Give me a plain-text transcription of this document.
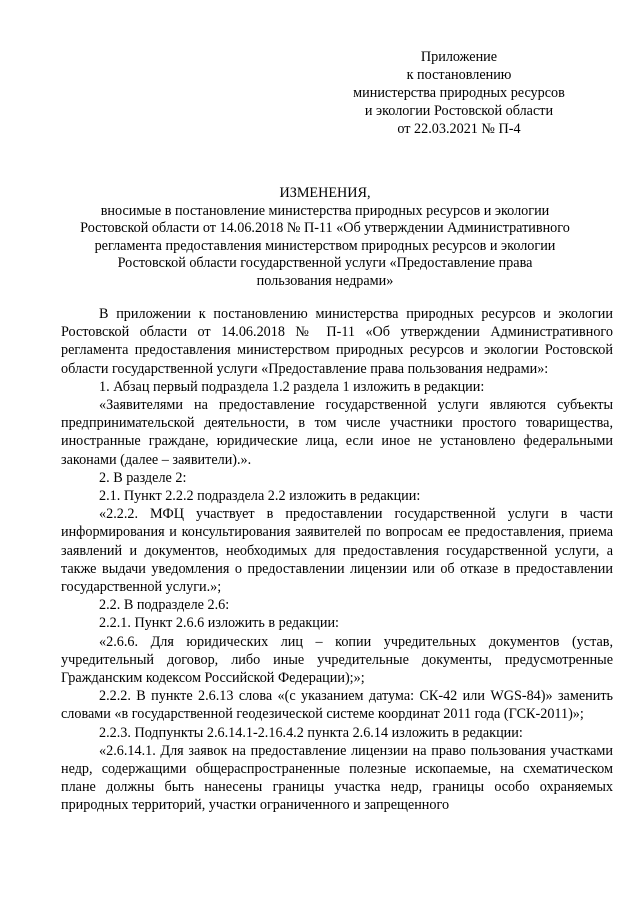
Приложение
к постановлению
министерства природных ресурсов
и экологии Ростовской области
от 22.03.2021 № П-4
ИЗМЕНЕНИЯ,
вносимые в постановление министерства природных ресурсов и экологии
Ростовской области от 14.06.2018 № П-11 «Об утверждении Административного
регламента предоставления министерством природных ресурсов и экологии
Ростовской области государственной услуги «Предоставление права
пользования недрами»

В приложении к постановлению министерства природных ресурсов и экологии Ростовской области от 14.06.2018 № П-11 «Об утверждении Административного регламента предоставления министерством природных ресурсов и экологии Ростовской области государственной услуги «Предоставление права пользования недрами»:

1. Абзац первый подраздела 1.2 раздела 1 изложить в редакции:

«Заявителями на предоставление государственной услуги являются субъекты предпринимательской деятельности, в том числе участники простого товарищества, иностранные граждане, юридические лица, если иное не установлено федеральными законами (далее – заявители).».

2. В разделе 2:

2.1. Пункт 2.2.2 подраздела 2.2 изложить в редакции:

«2.2.2. МФЦ участвует в предоставлении государственной услуги в части информирования и консультирования заявителей по вопросам ее предоставления, приема заявлений и документов, необходимых для предоставления государственной услуги, а также выдачи уведомления о предоставлении лицензии или об отказе в предоставлении государственной услуги.»;

2.2. В подразделе 2.6:

2.2.1. Пункт 2.6.6 изложить в редакции:

«2.6.6. Для юридических лиц – копии учредительных документов (устав, учредительный договор, либо иные учредительные документы, предусмотренные Гражданским кодексом Российской Федерации);»;

2.2.2. В пункте 2.6.13 слова «(с указанием датума: СК-42 или WGS-84)» заменить словами «в государственной геодезической системе координат 2011 года (ГСК-2011)»;

2.2.3. Подпункты 2.6.14.1-2.16.4.2 пункта 2.6.14 изложить в редакции:

«2.6.14.1. Для заявок на предоставление лицензии на право пользования участками недр, содержащими общераспространенные полезные ископаемые, на схематическом плане должны быть нанесены границы участка недр, границы особо охраняемых природных территорий, участки ограниченного и запрещенного
